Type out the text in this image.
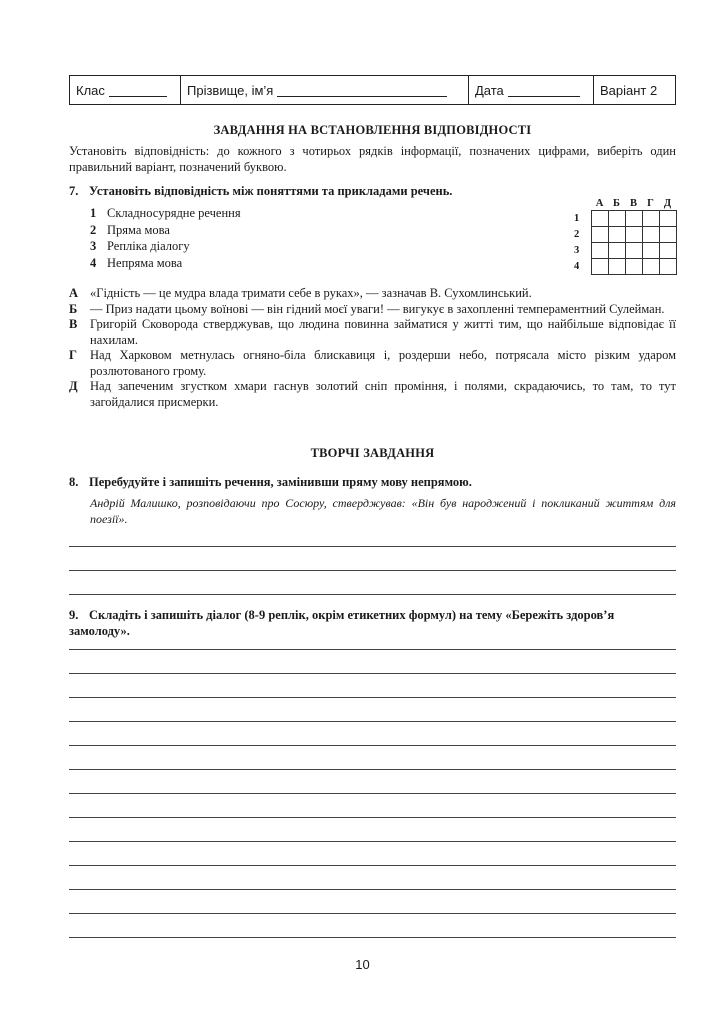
Клас	Прізвище, ім’я	Дата	Варіант 2
ЗАВДАННЯ НА ВСТАНОВЛЕННЯ ВІДПОВІДНОСТІ
Установіть відповідність: до кожного з чотирьох рядків інформації, позначених цифрами, виберіть один правильний варіант, позначений буквою.
7. Установіть відповідність між поняттями та прикладами речень.
1 Складносурядне речення
2 Пряма мова
3 Репліка діалогу
4 Непряма мова
	А	Б	В	Г	Д
1					
2					
3					
4					
А «Гідність — це мудра влада тримати себе в руках», — зазначав В. Сухомлинський.
Б	— Приз надати цьому воїнові — він гідний моєї уваги! — вигукує в захопленні темпераментний Сулейман.
В	Григорій Сковорода стверджував, що людина повинна займатися у житті тим, що найбільше відповідає її нахилам.
Г	Над Харковом метнулась огняно-біла блискавиця і, роздерши небо, потрясала місто різким ударом розлютованого грому.
Д Над запеченим згустком хмари гаснув золотий сніп проміння, і полями, скрадаючись, то там, то тут загойдалися присмерки.
ТВОРЧІ ЗАВДАННЯ
8. Перебудуйте і запишіть речення, замінивши пряму мову непрямою.
Андрій Малишко, розповідаючи про Сосюру, стверджував: «Він був народжений і покликаний життям для поезії».
9. Складіть і запишіть діалог (8-9 реплік, окрім етикетних формул) на тему «Бережіть здоров’я замолоду».
10
